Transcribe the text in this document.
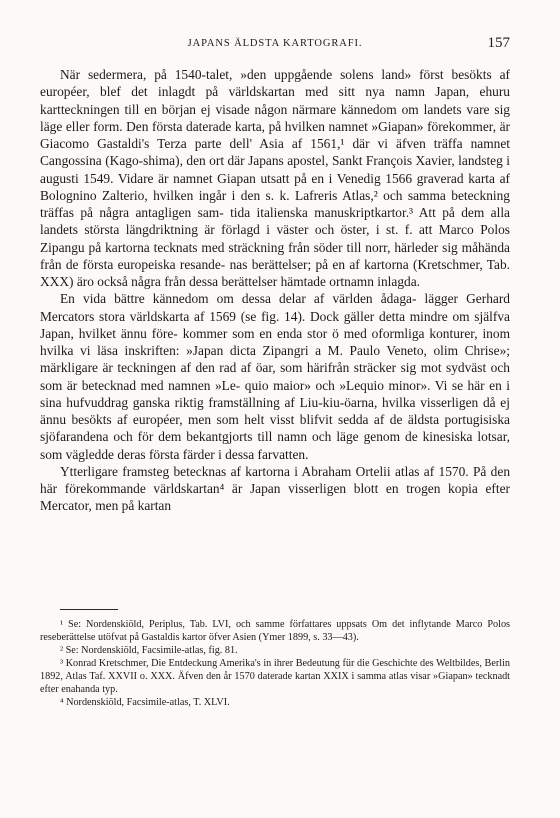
JAPANS ÄLDSTA KARTOGRAFI.	157

När sedermera, på 1540-talet, »den uppgående solens land» först besökts af européer, blef det inlagdt på världskartan med sitt nya namn Japan, ehuru kartteckningen till en början ej visade någon närmare kännedom om landets vare sig läge eller form. Den första daterade karta, på hvilken namnet »Giapan» förekommer, är Giacomo Gastaldi's Terza parte dell' Asia af 1561,¹ där vi äfven träffa namnet Cangossina (Kago-shima), den ort där Japans apostel, Sankt François Xavier, landsteg i augusti 1549. Vidare är namnet Giapan utsatt på en i Venedig 1566 graverad karta af Bolognino Zalterio, hvilken ingår i den s. k. Lafreris Atlas,² och samma beteckning träffas på några antagligen sam- tida italienska manuskriptkartor.³ Att på dem alla landets största längdriktning är förlagd i väster och öster, i st. f. att Marco Polos Zipangu på kartorna tecknats med sträckning från söder till norr, härleder sig måhända från de första europeiska resande- nas berättelser; på en af kartorna (Kretschmer, Tab. XXX) äro också några från dessa berättelser hämtade ortnamn inlagda.

En vida bättre kännedom om dessa delar af världen ådaga- lägger Gerhard Mercators stora världskarta af 1569 (se fig. 14). Dock gäller detta mindre om själfva Japan, hvilket ännu före- kommer som en enda stor ö med oformliga konturer, inom hvilka vi läsa inskriften: »Japan dicta Zipangri a M. Paulo Veneto, olim Chrise»; märkligare är teckningen af den rad af öar, som härifrån sträcker sig mot sydväst och som är betecknad med namnen »Le- quio maior» och »Lequio minor». Vi se här en i sina hufvuddrag ganska riktig framställning af Liu-kiu-öarna, hvilka visserligen då ej ännu besökts af européer, men som helt visst blifvit sedda af de äldsta portugisiska sjöfarandena och för dem bekantgjorts till namn och läge genom de kinesiska lotsar, som vägledde deras första färder i dessa farvatten.

Ytterligare framsteg betecknas af kartorna i Abraham Ortelii atlas af 1570. På den här förekommande världskartan⁴ är Japan visserligen blott en trogen kopia efter Mercator, men på kartan

¹ Se: Nordenskiöld, Periplus, Tab. LVI, och samme författares uppsats Om det inflytande Marco Polos reseberättelse utöfvat på Gastaldis kartor öfver Asien (Ymer 1899, s. 33—43).

² Se: Nordenskiöld, Facsimile-atlas, fig. 81.

³ Konrad Kretschmer, Die Entdeckung Amerika's in ihrer Bedeutung für die Geschichte des Weltbildes, Berlin 1892, Atlas Taf. XXVII o. XXX. Äfven den år 1570 daterade kartan XXIX i samma atlas visar »Giapan» tecknadt efter enahanda typ.

⁴ Nordenskiöld, Facsimile-atlas, T. XLVI.
